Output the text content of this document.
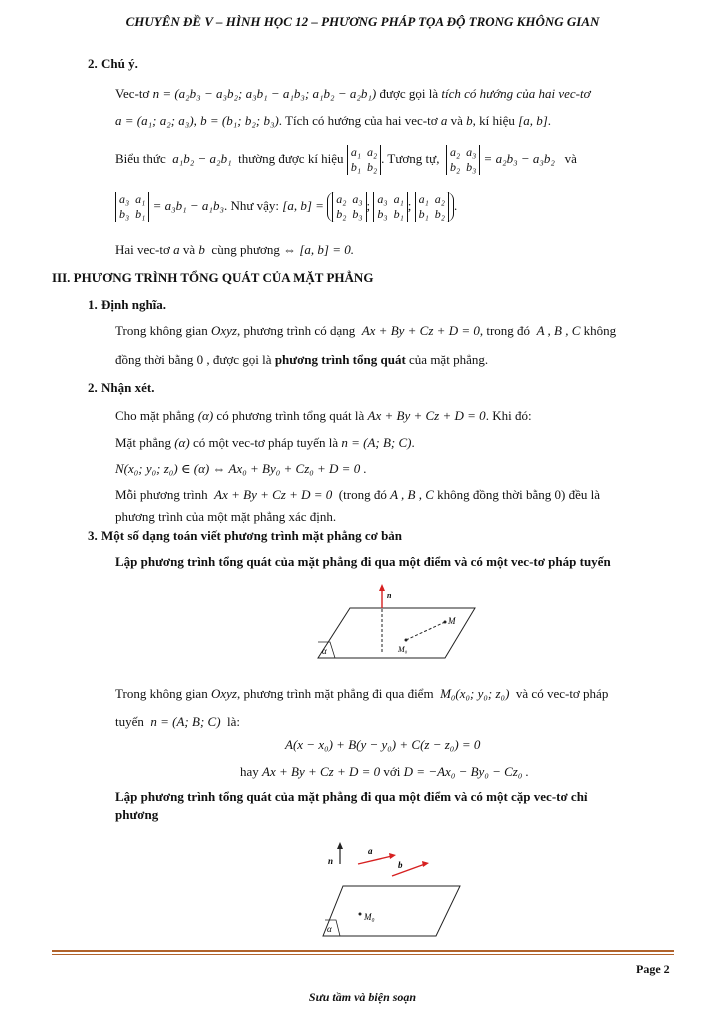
CHUYÊN ĐỀ V – HÌNH HỌC 12 – PHƯƠNG PHÁP TỌA ĐỘ TRONG KHÔNG GIAN
2. Chú ý.
Vec-tơ n = (a₂b₃ − a₃b₂; a₃b₁ − a₁b₃; a₁b₂ − a₂b₁) được gọi là tích có hướng của hai vec-tơ
a = (a₁; a₂; a₃), b = (b₁; b₂; b₃). Tích có hướng của hai vec-tơ a và b, kí hiệu [a, b].
Biểu thức a₁b₂ − a₂b₁ thường được kí hiệu a₁  a₂
b₁  b₂. Tương tự, a₂  a₃
b₂  b₃ = a₂b₃ − a₃b₂ và
a₃  a₁
b₃  b₁ = a₃b₁ − a₁b₃. Như vậy: [a, b] = a₂  a₃
b₂  b₃; a₃  a₁
b₃  b₁; a₁  a₂
b₁  b₂.
Hai vec-tơ a và b cùng phương ⇔ [a, b] = 0.
III. PHƯƠNG TRÌNH TỔNG QUÁT CỦA MẶT PHẲNG
1. Định nghĩa.
Trong không gian Oxyz, phương trình có dạng Ax + By + Cz + D = 0, trong đó A , B , C không
đồng thời bằng 0 , được gọi là phương trình tổng quát của mặt phẳng.
2. Nhận xét.
Cho mặt phẳng (α) có phương trình tổng quát là Ax + By + Cz + D = 0. Khi đó:
Mặt phẳng (α) có một vec-tơ pháp tuyến là n = (A; B; C).
N(x₀; y₀; z₀) ∈ (α) ⇔ Ax₀ + By₀ + Cz₀ + D = 0 .
Mỗi phương trình Ax + By + Cz + D = 0 (trong đó A , B , C không đồng thời bằng 0) đều là
phương trình của một mặt phẳng xác định.
3. Một số dạng toán viết phương trình mặt phẳng cơ bản
Lập phương trình tổng quát của mặt phẳng đi qua một điểm và có một vec-tơ pháp tuyến
α
n
M₀
M
Trong không gian Oxyz, phương trình mặt phẳng đi qua điểm M₀(x₀; y₀; z₀) và có vec-tơ pháp
tuyến n = (A; B; C) là:
A(x − x₀) + B(y − y₀) + C(z − z₀) = 0
hay Ax + By + Cz + D = 0 với D = −Ax₀ − By₀ − Cz₀ .
Lập phương trình tổng quát của mặt phẳng đi qua một điểm và có một cặp vec-tơ chỉ
phương
n
a
b
α
M₀
Page 2
Sưu tầm và biện soạn
